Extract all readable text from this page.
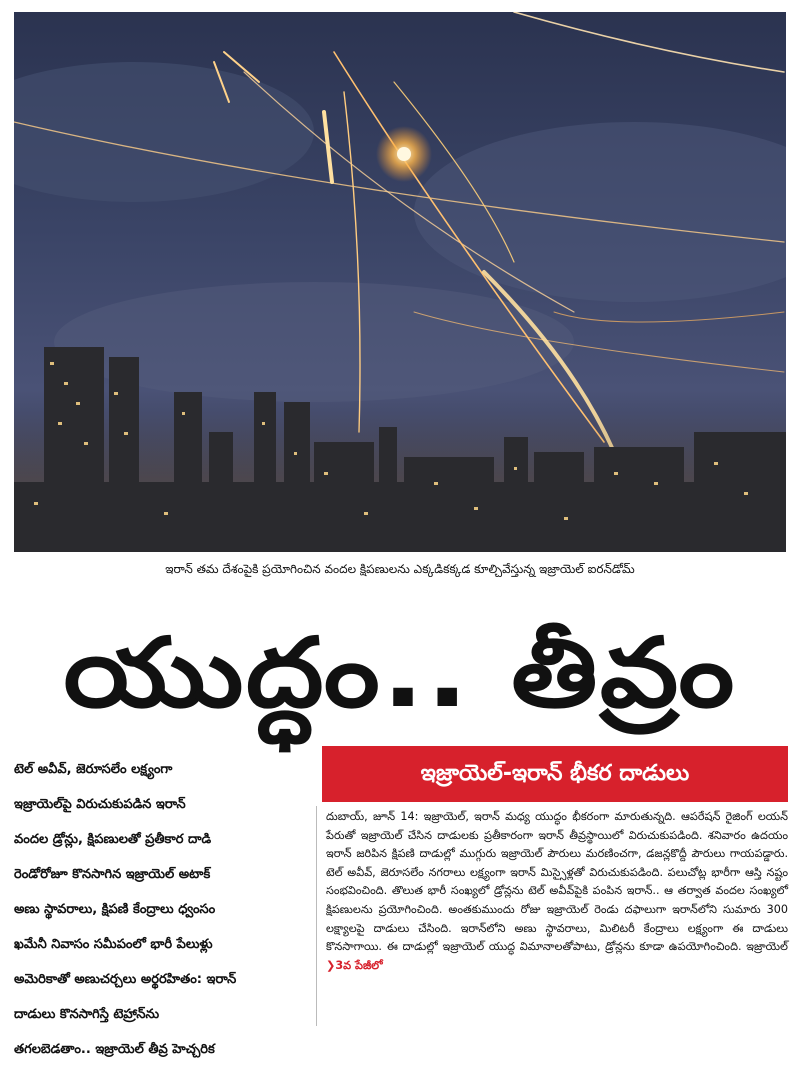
ఇరాన్ తమ దేశంపైకి ప్రయోగించిన వందల క్షిపణులను ఎక్కడికక్కడ కూల్చివేస్తున్న ఇజ్రాయెల్ ఐరన్‌డోమ్
యుద్ధం.. తీవ్రం
ఇజ్రాయెల్-ఇరాన్ భీకర దాడులు
టెల్ అవీవ్, జెరూసలేం లక్ష్యంగా
ఇజ్రాయెల్‌పై విరుచుకుపడిన ఇరాన్
వందల డ్రోన్లు, క్షిపణులతో ప్రతీకార దాడి
రెండోరోజూ కొనసాగిన ఇజ్రాయెల్ అటాక్
అణు స్థావరాలు, క్షిపణి కేంద్రాలు ధ్వంసం
ఖమేనీ నివాసం సమీపంలో భారీ పేలుళ్లు
అమెరికాతో అణుచర్చలు అర్థరహితం: ఇరాన్
దాడులు కొనసాగిస్తే టెహ్రాన్‌ను
తగలబెడతాం.. ఇజ్రాయెల్ తీవ్ర హెచ్చరిక
దుబాయ్, జూన్ 14: ఇజ్రాయెల్, ఇరాన్ మధ్య యుద్ధం భీకరంగా మారుతున్నది. ఆపరేషన్ రైజింగ్ లయన్ పేరుతో ఇజ్రాయెల్ చేసిన దాడులకు ప్రతీకారంగా ఇరాన్ తీవ్రస్థాయిలో విరుచుకుపడింది. శనివారం ఉదయం ఇరాన్ జరిపిన క్షిపణి దాడుల్లో ముగ్గురు ఇజ్రాయెల్ పౌరులు మరణించగా, డజన్లకొద్దీ పౌరులు గాయపడ్డారు. టెల్ అవీవ్, జెరూసలేం నగరాలు లక్ష్యంగా ఇరాన్ మిస్సైళ్లతో విరుచుకుపడింది. పలుచోట్ల భారీగా ఆస్తి నష్టం సంభవించింది. తొలుత భారీ సంఖ్యలో డ్రోన్లను టెల్ అవీవ్‌పైకి పంపిన ఇరాన్.. ఆ తర్వాత వందల సంఖ్యలో క్షిపణులను ప్రయోగించింది. అంతకుముందు రోజు ఇజ్రాయెల్ రెండు దఫాలుగా ఇరాన్‌లోని సుమారు 300 లక్ష్యాలపై దాడులు చేసింది. ఇరాన్‌లోని అణు స్థావరాలు, మిలిటరీ కేంద్రాలు లక్ష్యంగా ఈ దాడులు కొనసాగాయి. ఈ దాడుల్లో ఇజ్రాయెల్ యుద్ధ విమానాలతోపాటు, డ్రోన్లను కూడా ఉపయోగించింది. ఇజ్రాయెల్ ❯3వ పేజీలో
